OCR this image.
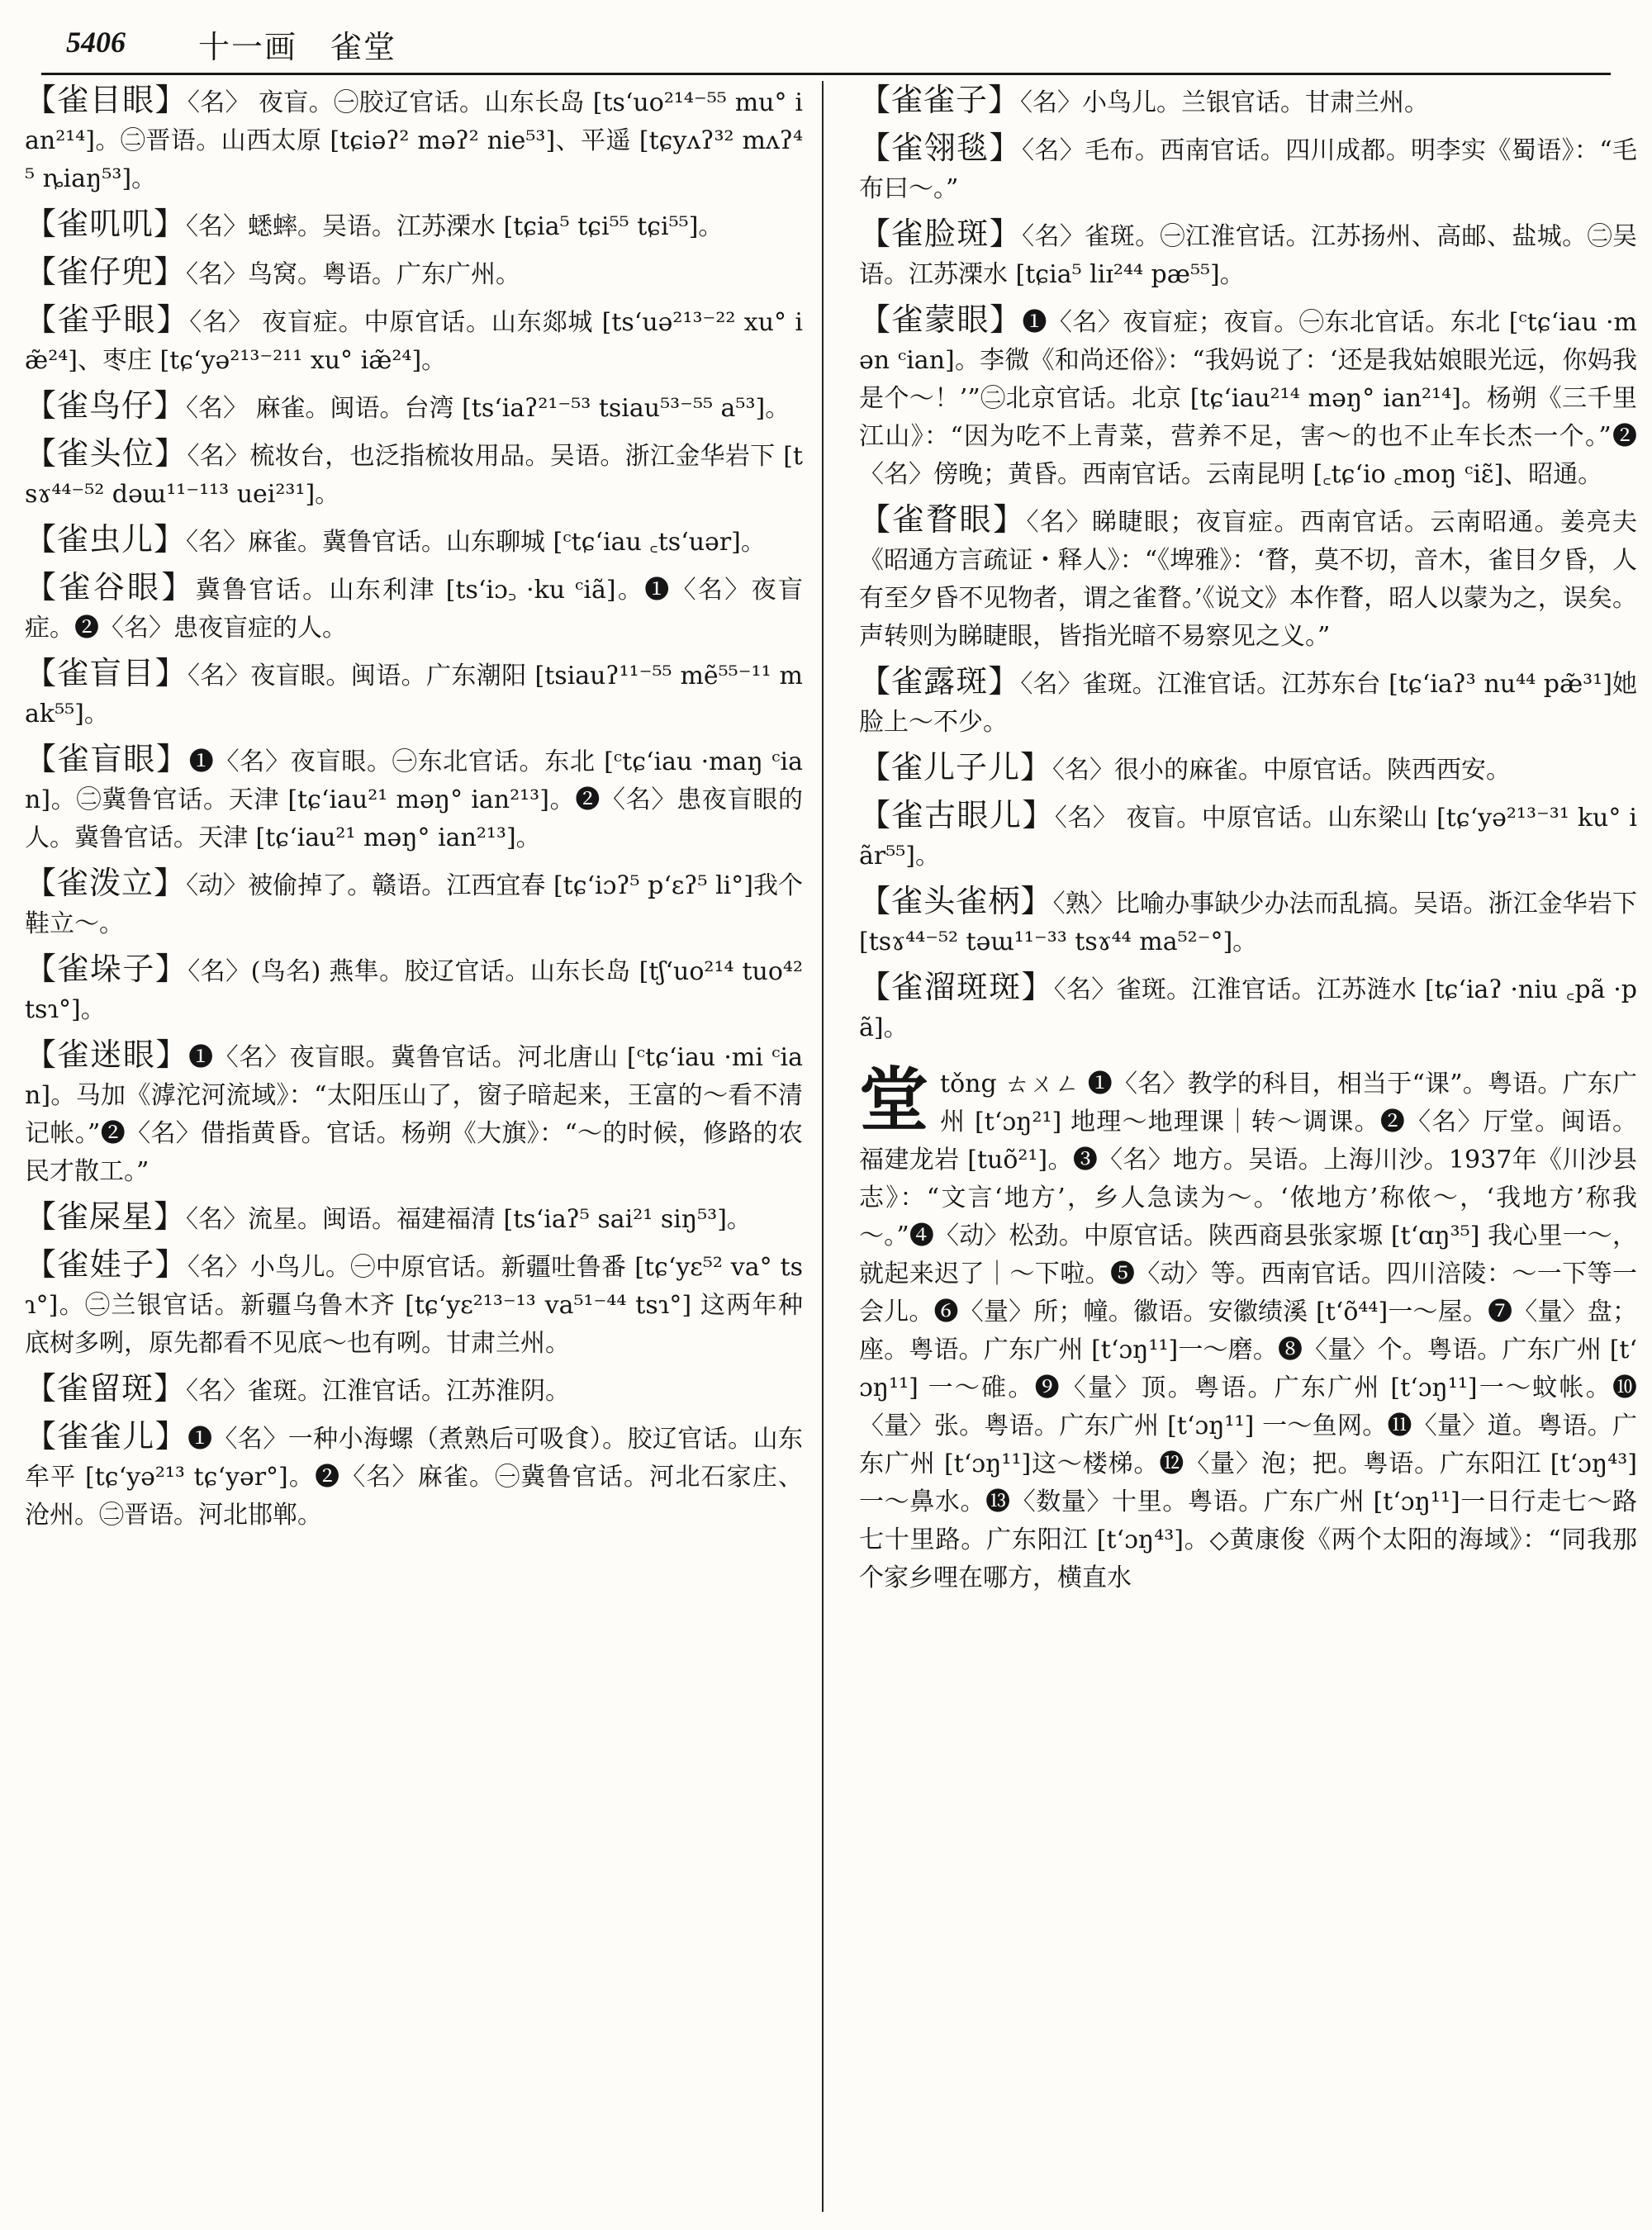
5406 十一画　雀堂
【雀目眼】〈名〉 夜盲。㊀胶辽官话。山东长岛 [tsʻuo²¹⁴⁻⁵⁵ mu° ian²¹⁴]。㊁晋语。山西太原 [tɕiəʔ² məʔ² nie⁵³]、平遥 [tɕyʌʔ³² mʌʔ⁴⁵ ȵiaŋ⁵³]。
【雀叽叽】〈名〉蟋蟀。吴语。江苏溧水 [tɕia⁵ tɕi⁵⁵ tɕi⁵⁵]。
【雀仔兜】〈名〉鸟窝。粤语。广东广州。
【雀乎眼】〈名〉 夜盲症。中原官话。山东郯城 [tsʻuə²¹³⁻²² xu° iæ̃²⁴]、枣庄 [tɕʻyə²¹³⁻²¹¹ xu° iæ̃²⁴]。
【雀鸟仔】〈名〉 麻雀。闽语。台湾 [tsʻiaʔ²¹⁻⁵³ tsiau⁵³⁻⁵⁵ a⁵³]。
【雀头位】〈名〉梳妆台，也泛指梳妆用品。吴语。浙江金华岩下 [tsɤ⁴⁴⁻⁵² dəɯ¹¹⁻¹¹³ uei²³¹]。
【雀虫儿】〈名〉麻雀。冀鲁官话。山东聊城 [ᶜtɕʻiau ꜀tsʻuər]。
【雀谷眼】冀鲁官话。山东利津 [tsʻiɔ꜆ ·ku ᶜiã]。❶〈名〉夜盲症。❷〈名〉患夜盲症的人。
【雀盲目】〈名〉夜盲眼。闽语。广东潮阳 [tsiauʔ¹¹⁻⁵⁵ mẽ⁵⁵⁻¹¹ mak⁵⁵]。
【雀盲眼】❶〈名〉夜盲眼。㊀东北官话。东北 [ᶜtɕʻiau ·maŋ ᶜian]。㊁冀鲁官话。天津 [tɕʻiau²¹ məŋ° ian²¹³]。❷〈名〉患夜盲眼的人。冀鲁官话。天津 [tɕʻiau²¹ məŋ° ian²¹³]。
【雀泼立】〈动〉被偷掉了。赣语。江西宜春 [tɕʻiɔʔ⁵ pʻɛʔ⁵ li°]我个鞋立～。
【雀垛子】〈名〉(鸟名) 燕隼。胶辽官话。山东长岛 [tʃʻuo²¹⁴ tuo⁴² tsɿ°]。
【雀迷眼】❶〈名〉夜盲眼。冀鲁官话。河北唐山 [ᶜtɕʻiau ·mi ᶜian]。马加《滹沱河流域》：“太阳压山了，窗子暗起来，王富的～看不清记帐。”❷〈名〉借指黄昏。官话。杨朔《大旗》：“～的时候，修路的农民才散工。”
【雀屎星】〈名〉流星。闽语。福建福清 [tsʻiaʔ⁵ sai²¹ siŋ⁵³]。
【雀娃子】〈名〉小鸟儿。㊀中原官话。新疆吐鲁番 [tɕʻyɛ⁵² va° tsɿ°]。㊁兰银官话。新疆乌鲁木齐 [tɕʻyɛ²¹³⁻¹³ va⁵¹⁻⁴⁴ tsɿ°] 这两年种底树多咧，原先都看不见底～也有咧。甘肃兰州。
【雀留斑】〈名〉雀斑。江淮官话。江苏淮阴。
【雀雀儿】❶〈名〉一种小海螺（煮熟后可吸食）。胶辽官话。山东牟平 [tɕʻyə²¹³ tɕʻyər°]。❷〈名〉麻雀。㊀冀鲁官话。河北石家庄、沧州。㊁晋语。河北邯郸。
【雀雀子】〈名〉小鸟儿。兰银官话。甘肃兰州。
【雀翎毯】〈名〉毛布。西南官话。四川成都。明李实《蜀语》：“毛布曰～。”
【雀脸斑】〈名〉雀斑。㊀江淮官话。江苏扬州、高邮、盐城。㊁吴语。江苏溧水 [tɕia⁵ liɪ²⁴⁴ pæ⁵⁵]。
【雀蒙眼】❶〈名〉夜盲症；夜盲。㊀东北官话。东北 [ᶜtɕʻiau ·mən ᶜian]。李微《和尚还俗》：“我妈说了：‘还是我姑娘眼光远，你妈我是个～！’”㊁北京官话。北京 [tɕʻiau²¹⁴ məŋ° ian²¹⁴]。杨朔《三千里江山》：“因为吃不上青菜，营养不足，害～的也不止车长杰一个。”❷〈名〉傍晚；黄昏。西南官话。云南昆明 [꜀tɕʻio ꜀moŋ ᶜiɛ̃]、昭通。
【雀瞀眼】〈名〉睇睫眼；夜盲症。西南官话。云南昭通。姜亮夫《昭通方言疏证・释人》：“《埤雅》：‘瞀，莫不切，音木，雀目夕昏，人有至夕昏不见物者，谓之雀瞀。’《说文》本作瞀，昭人以蒙为之，误矣。声转则为睇睫眼，皆指光暗不易察见之义。”
【雀露斑】〈名〉雀斑。江淮官话。江苏东台 [tɕʻiaʔ³ nu⁴⁴ pæ̃³¹]她脸上～不少。
【雀儿子儿】〈名〉很小的麻雀。中原官话。陕西西安。
【雀古眼儿】〈名〉 夜盲。中原官话。山东梁山 [tɕʻyə²¹³⁻³¹ ku° iãr⁵⁵]。
【雀头雀柄】〈熟〉比喻办事缺少办法而乱搞。吴语。浙江金华岩下 [tsɤ⁴⁴⁻⁵² təɯ¹¹⁻³³ tsɤ⁴⁴ ma⁵²⁻°]。
【雀溜斑斑】〈名〉雀斑。江淮官话。江苏涟水 [tɕʻiaʔ ·niu ꜀pã ·pã]。
堂 tǒng ㄊㄨㄥ ❶〈名〉教学的科目，相当于“课”。粤语。广东广州 [tʻɔŋ²¹] 地理～地理课｜转～调课。❷〈名〉厅堂。闽语。福建龙岩 [tuõ²¹]。❸〈名〉地方。吴语。上海川沙。1937年《川沙县志》：“文言‘地方’，乡人急读为～。‘侬地方’称侬～，‘我地方’称我～。”❹〈动〉松劲。中原官话。陕西商县张家塬 [tʻɑŋ³⁵] 我心里一～，就起来迟了｜～下啦。❺〈动〉等。西南官话。四川涪陵：～一下等一会儿。❻〈量〉所；幢。徽语。安徽绩溪 [tʻõ⁴⁴]一～屋。❼〈量〉盘；座。粤语。广东广州 [tʻɔŋ¹¹]一～磨。❽〈量〉个。粤语。广东广州 [tʻɔŋ¹¹] 一～碓。❾〈量〉顶。粤语。广东广州 [tʻɔŋ¹¹]一～蚊帐。❿〈量〉张。粤语。广东广州 [tʻɔŋ¹¹] 一～鱼网。⓫〈量〉道。粤语。广东广州 [tʻɔŋ¹¹]这～楼梯。⓬〈量〉泡；把。粤语。广东阳江 [tʻɔŋ⁴³]一～鼻水。⓭〈数量〉十里。粤语。广东广州 [tʻɔŋ¹¹]一日行走七～路七十里路。广东阳江 [tʻɔŋ⁴³]。◇黄康俊《两个太阳的海域》：“同我那个家乡哩在哪方，横直水
